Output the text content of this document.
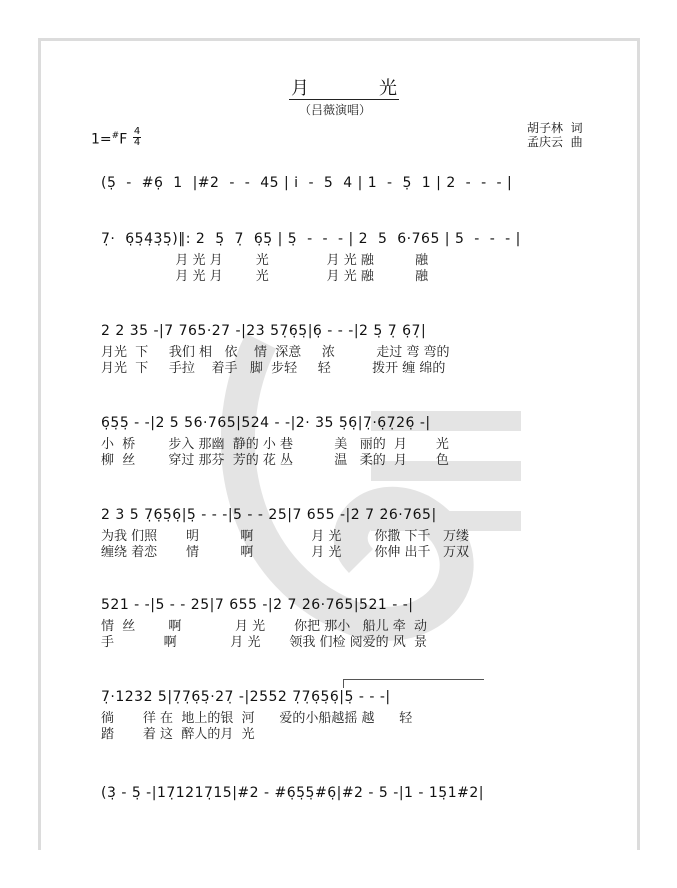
月 光
（吕薇演唱）
1=#F
4
4
胡子林  词
孟庆云  曲
(5̣  -  #6̣  1  |#2  -  -  45 | i̇  -  5  4 | 1  -  5̣  1 | 2  -  -  - |
7̣·  6̣5̣4̣3̣5̣)‖: 2  5̣  7̣  6̣5̣ | 5̣  -  -  - | 2  5  6·765 | 5  -  -  - |
月 光 月        光              月 光 融          融
月 光 月        光              月 光 融          融
2 2 35 -|7 765·27 -|23 57̣6̣5̣|6̣ - - -|2 5̣ 7̣ 6̣7̣|
月光  下     我们 相   依    情  深意     浓          走过 弯 弯的
月光  下     手拉    着手   脚  步轻     轻          拨开 缠 绵的
6̣5̣5̣ - -|2 5 56·765|524 - -|2· 35 5̣6̣|7̣·6̣7̣26̣ -|
小  桥        步入 那幽  静的 小 巷          美   丽的  月       光
柳  丝        穿过 那芬  芳的 花 丛          温   柔的  月       色
2 3 5 7̣6̣5̣6̣|5̣ - - -|5 - - 25|7 655 -|2̇ 7 2̇6·765|
为我 们照       明          啊              月 光        你撒 下千   万缕
缠绕 着恋       情          啊              月 光        你伸 出千   万双
521 - -|5 - - 25|7 655 -|2̇ 7 2̇6·765|521 - -|
情  丝        啊             月 光       你把 那小   船儿 牵  动
手            啊             月 光       领我 们检 阅爱的 风  景
7̣·1232 5|7̣7̣6̣5̣·27̣ -|2552 7̣7̣6̣5̣6̣|5̣ - - -|
徜       徉 在  地上的银  河      爱的小船越摇 越      轻
踏       着 这  醉人的月  光
(3̣ - 5̣ -|17̣1217̣15|#2 - #6̣5̣5̣#6̣|#2 - 5 -|1 - 15̣1#2|
